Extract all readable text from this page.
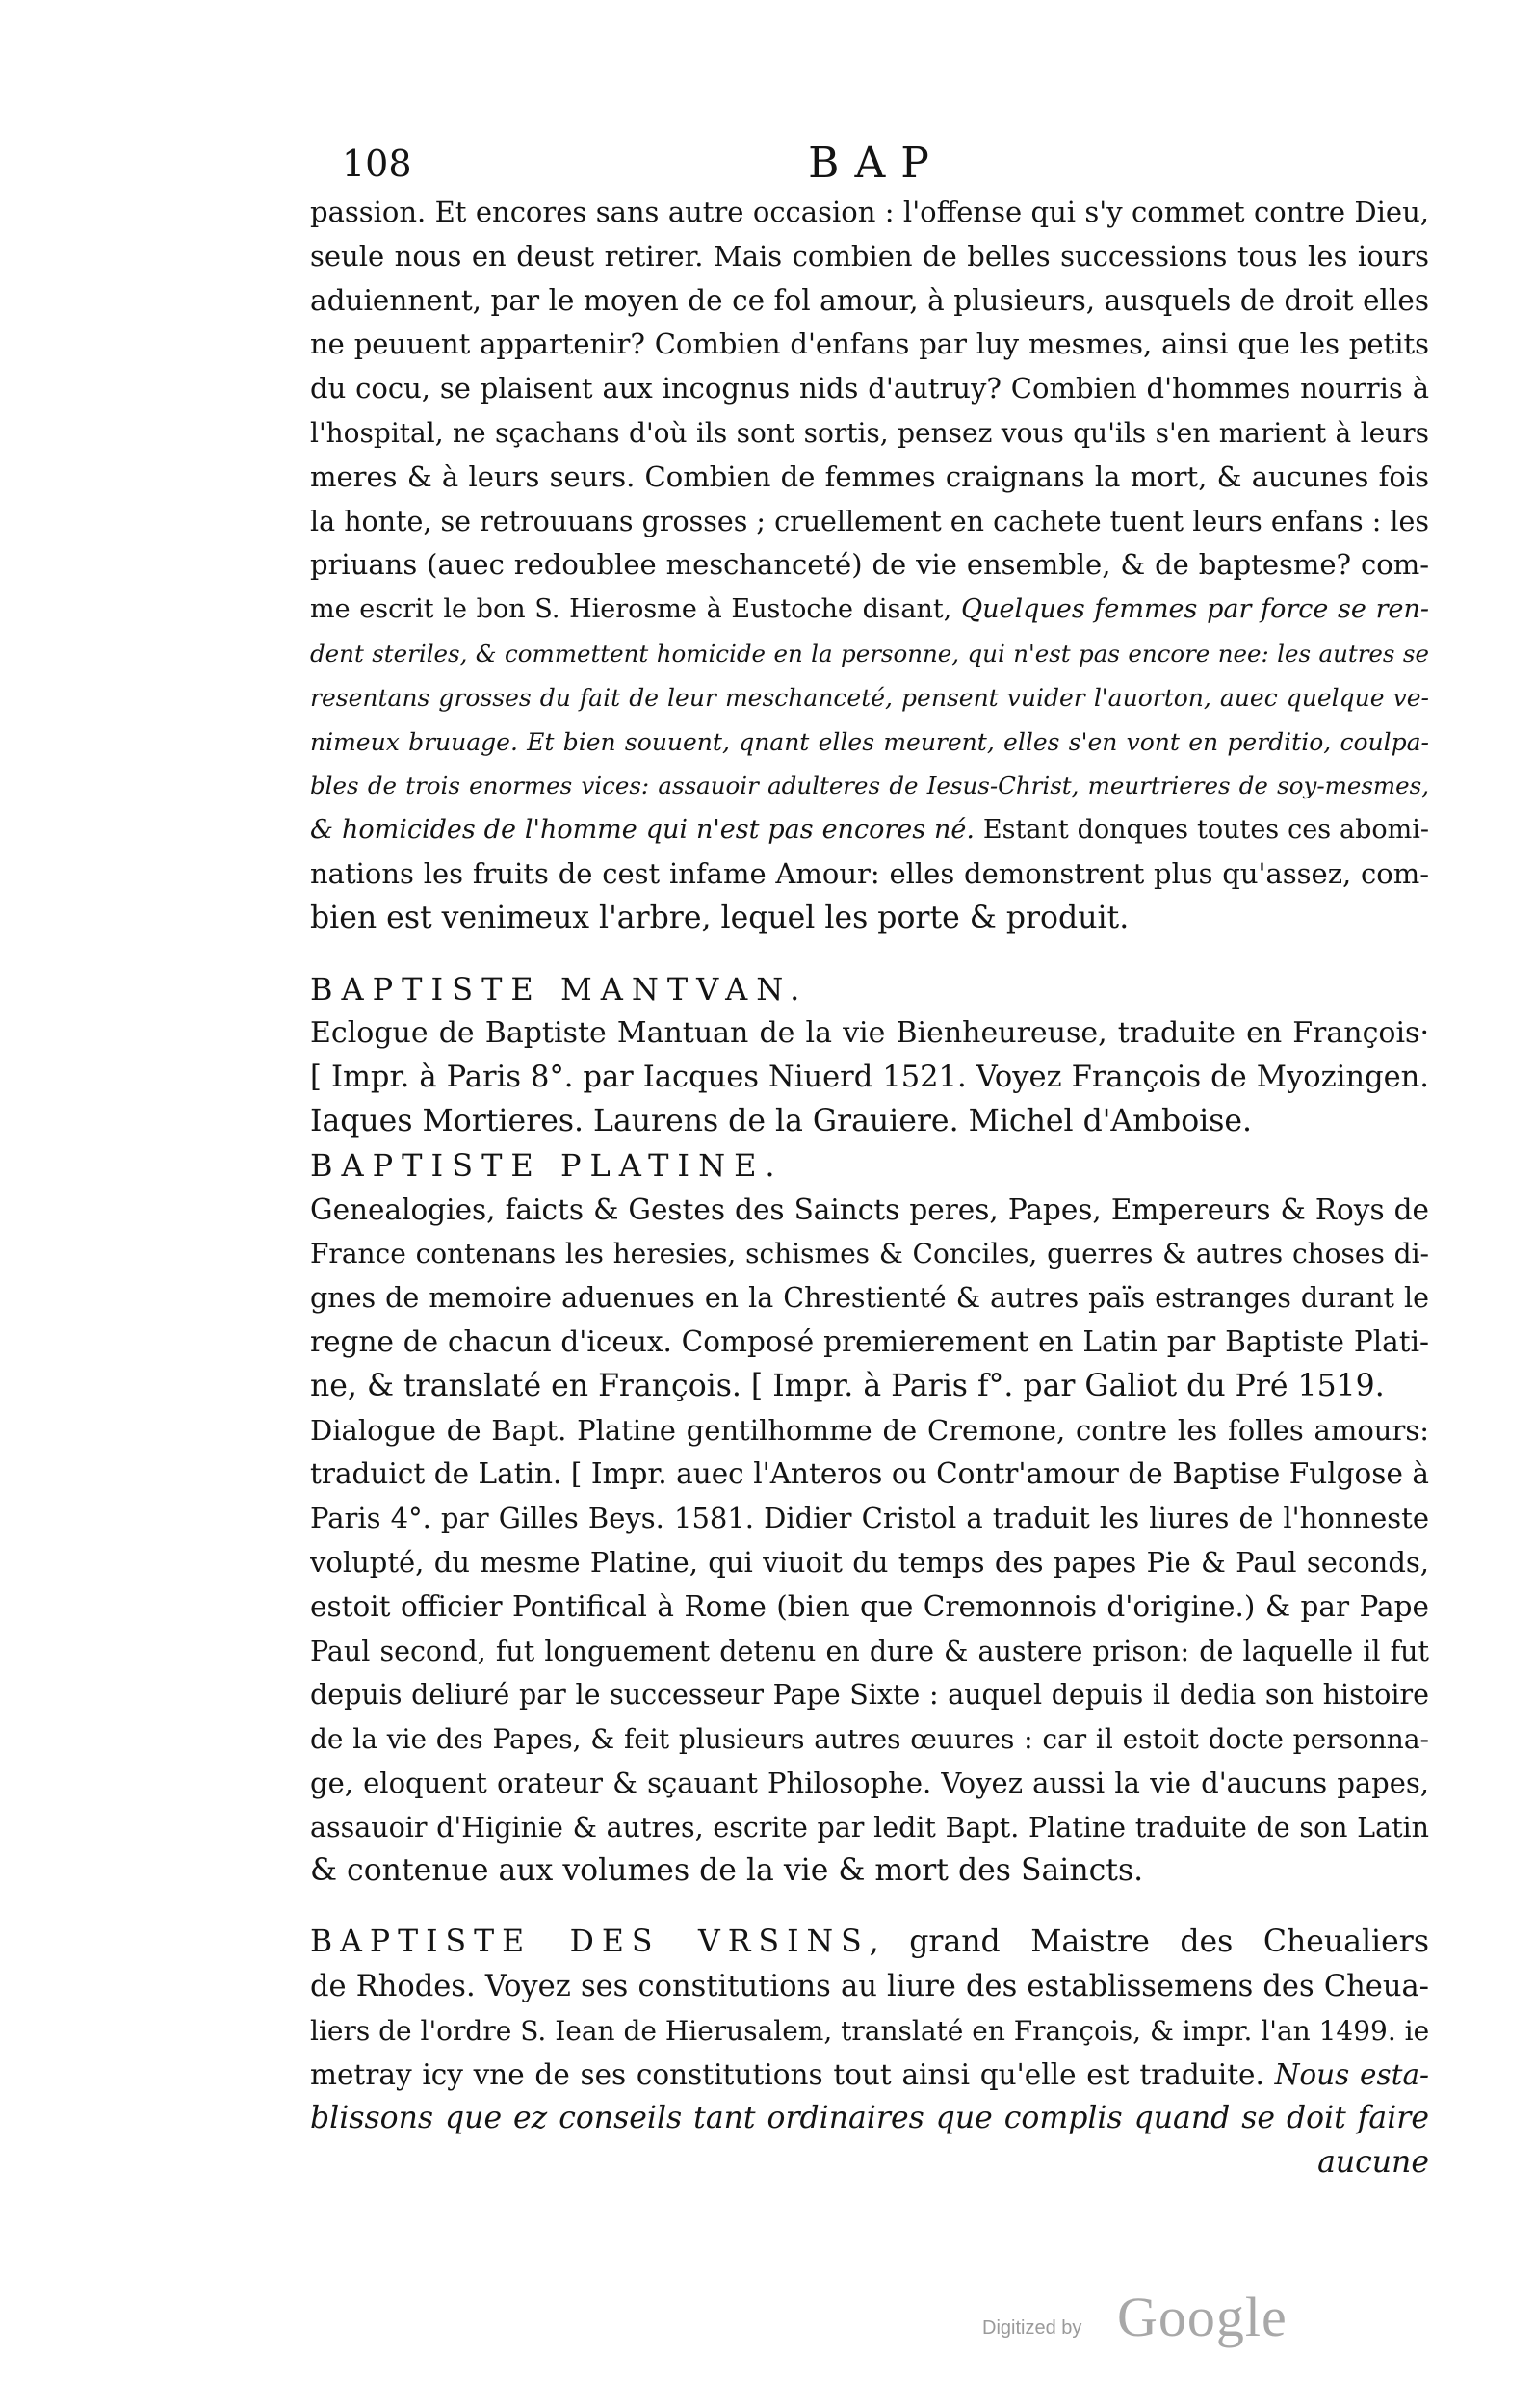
108	BAP
passion. Et encores sans autre occasion : l'offense qui s'y commet contre Dieu,
seule nous en deust retirer. Mais combien de belles successions tous les iours
aduiennent, par le moyen de ce fol amour, à plusieurs, ausquels de droit elles
ne peuuent appartenir? Combien d'enfans par luy mesmes, ainsi que les petits
du cocu, se plaisent aux incognus nids d'autruy? Combien d'hommes nourris à
l'hospital, ne sçachans d'où ils sont sortis, pensez vous qu'ils s'en marient à leurs
meres & à leurs seurs. Combien de femmes craignans la mort, & aucunes fois
la honte, se retrouuans grosses ; cruellement en cachete tuent leurs enfans : les
priuans (auec redoublee meschanceté) de vie ensemble, & de baptesme? com-
me escrit le bon S. Hierosme à Eustoche disant, Quelques femmes par force se ren-
dent steriles, & commettent homicide en la personne, qui n'est pas encore nee: les autres se
resentans grosses du fait de leur meschanceté, pensent vuider l'auorton, auec quelque ve-
nimeux bruuage. Et bien souuent, qnant elles meurent, elles s'en vont en perditio, coulpa-
bles de trois enormes vices: assauoir adulteres de Iesus-Christ, meurtrieres de soy-mesmes,
& homicides de l'homme qui n'est pas encores né. Estant donques toutes ces abomi-
nations les fruits de cest infame Amour: elles demonstrent plus qu'assez, com-
bien est venimeux l'arbre, lequel les porte & produit.
BAPTISTE MANTVAN.
Eclogue de Baptiste Mantuan de la vie Bienheureuse, traduite en François·
[ Impr. à Paris 8°. par Iacques Niuerd 1521. Voyez François de Myozingen.
Iaques Mortieres. Laurens de la Grauiere. Michel d'Amboise.
BAPTISTE PLATINE.
Genealogies, faicts & Gestes des Saincts peres, Papes, Empereurs & Roys de
France contenans les heresies, schismes & Conciles, guerres & autres choses di-
gnes de memoire aduenues en la Chrestienté & autres païs estranges durant le
regne de chacun d'iceux. Composé premierement en Latin par Baptiste Plati-
ne, & translaté en François. [ Impr. à Paris f°. par Galiot du Pré 1519.
Dialogue de Bapt. Platine gentilhomme de Cremone, contre les folles amours:
traduict de Latin. [ Impr. auec l'Anteros ou Contr'amour de Baptise Fulgose à
Paris 4°. par Gilles Beys. 1581. Didier Cristol a traduit les liures de l'honneste
volupté, du mesme Platine, qui viuoit du temps des papes Pie & Paul seconds,
estoit officier Pontifical à Rome (bien que Cremonnois d'origine.) & par Pape
Paul second, fut longuement detenu en dure & austere prison: de laquelle il fut
depuis deliuré par le successeur Pape Sixte : auquel depuis il dedia son histoire
de la vie des Papes, & feit plusieurs autres œuures : car il estoit docte personna-
ge, eloquent orateur & sçauant Philosophe. Voyez aussi la vie d'aucuns papes,
assauoir d'Higinie & autres, escrite par ledit Bapt. Platine traduite de son Latin
& contenue aux volumes de la vie & mort des Saincts.
BAPTISTE DES VRSINS, grand Maistre des Cheualiers
de Rhodes. Voyez ses constitutions au liure des establissemens des Cheua-
liers de l'ordre S. Iean de Hierusalem, translaté en François, & impr. l'an 1499. ie
metray icy vne de ses constitutions tout ainsi qu'elle est traduite. Nous esta-
blissons que ez conseils tant ordinaires que complis quand se doit faire
aucune
Digitized by Google
